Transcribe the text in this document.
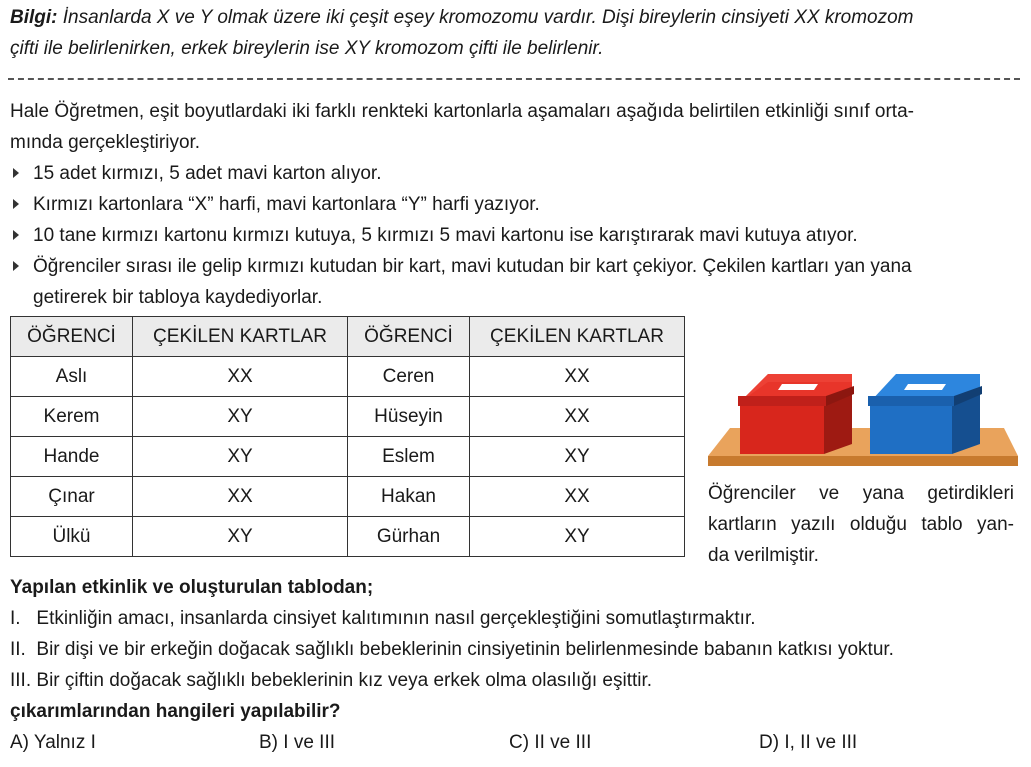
Bilgi: İnsanlarda X ve Y olmak üzere iki çeşit eşey kromozomu vardır. Dişi bireylerin cinsiyeti XX kromozom
çifti ile belirlenirken, erkek bireylerin ise XY kromozom çifti ile belirlenir.
Hale Öğretmen, eşit boyutlardaki iki farklı renkteki kartonlarla aşamaları aşağıda belirtilen etkinliği sınıf orta-
mında gerçekleştiriyor.
15 adet kırmızı, 5 adet mavi karton alıyor.
Kırmızı kartonlara “X” harfi, mavi kartonlara “Y” harfi yazıyor.
10 tane kırmızı kartonu kırmızı kutuya, 5 kırmızı 5 mavi kartonu ise karıştırarak mavi kutuya atıyor.
Öğrenciler sırası ile gelip kırmızı kutudan bir kart, mavi kutudan bir kart çekiyor. Çekilen kartları yan yana
getirerek bir tabloya kaydediyorlar.
ÖĞRENCİ	ÇEKİLEN KARTLAR	ÖĞRENCİ	ÇEKİLEN KARTLAR
Aslı	XX	Ceren	XX
Kerem	XY	Hüseyin	XX
Hande	XY	Eslem	XY
Çınar	XX	Hakan	XX
Ülkü	XY	Gürhan	XY
Öğrenciler ve yana getirdikleri
kartların yazılı olduğu tablo yan-
da verilmiştir.
Yapılan etkinlik ve oluşturulan tablodan;
I.   Etkinliğin amacı, insanlarda cinsiyet kalıtımının nasıl gerçekleştiğini somutlaştırmaktır.
II.  Bir dişi ve bir erkeğin doğacak sağlıklı bebeklerinin cinsiyetinin belirlenmesinde babanın katkısı yoktur.
III. Bir çiftin doğacak sağlıklı bebeklerinin kız veya erkek olma olasılığı eşittir.
çıkarımlarından hangileri yapılabilir?
A) Yalnız I	B) I ve III	C) II ve III	D) I, II ve III
